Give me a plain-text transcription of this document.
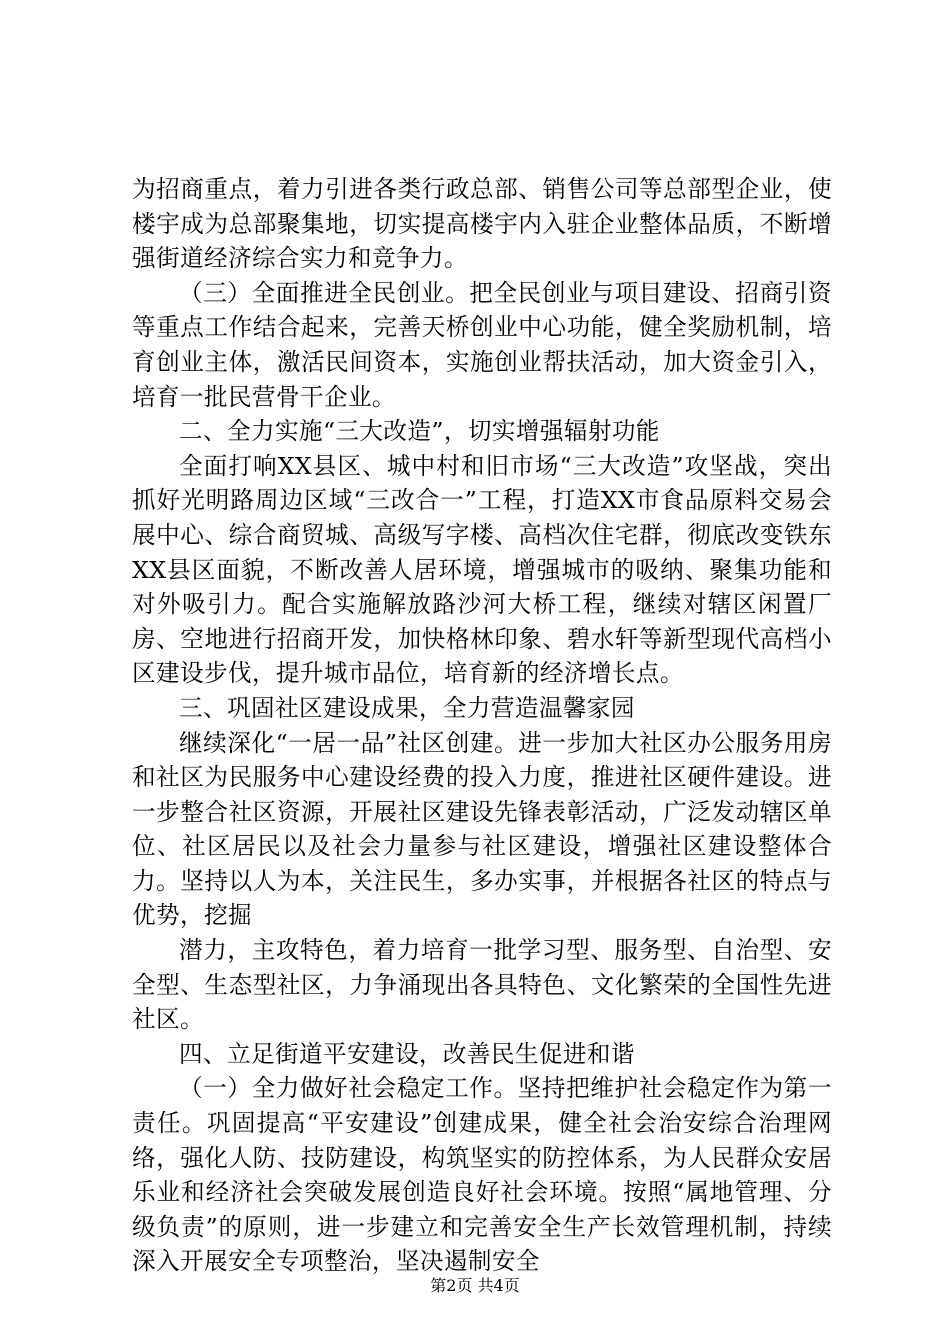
为招商重点，着力引进各类行政总部、销售公司等总部型企业，使楼宇成为总部聚集地，切实提高楼宇内入驻企业整体品质，不断增强街道经济综合实力和竞争力。

（三）全面推进全民创业。把全民创业与项目建设、招商引资等重点工作结合起来，完善天桥创业中心功能，健全奖励机制，培育创业主体，激活民间资本，实施创业帮扶活动，加大资金引入，培育一批民营骨干企业。

二、全力实施“三大改造”，切实增强辐射功能

全面打响XX县区、城中村和旧市场“三大改造”攻坚战，突出抓好光明路周边区域“三改合一”工程，打造XX市食品原料交易会展中心、综合商贸城、高级写字楼、高档次住宅群，彻底改变铁东XX县区面貌，不断改善人居环境，增强城市的吸纳、聚集功能和对外吸引力。配合实施解放路沙河大桥工程，继续对辖区闲置厂房、空地进行招商开发，加快格林印象、碧水轩等新型现代高档小区建设步伐，提升城市品位，培育新的经济增长点。

三、巩固社区建设成果，全力营造温馨家园

继续深化“一居一品”社区创建。进一步加大社区办公服务用房和社区为民服务中心建设经费的投入力度，推进社区硬件建设。进一步整合社区资源，开展社区建设先锋表彰活动，广泛发动辖区单位、社区居民以及社会力量参与社区建设，增强社区建设整体合力。坚持以人为本，关注民生，多办实事，并根据各社区的特点与优势，挖掘

潜力，主攻特色，着力培育一批学习型、服务型、自治型、安全型、生态型社区，力争涌现出各具特色、文化繁荣的全国性先进社区。

四、立足街道平安建设，改善民生促进和谐

（一）全力做好社会稳定工作。坚持把维护社会稳定作为第一责任。巩固提高“平安建设”创建成果，健全社会治安综合治理网络，强化人防、技防建设，构筑坚实的防控体系，为人民群众安居乐业和经济社会突破发展创造良好社会环境。按照“属地管理、分级负责”的原则，进一步建立和完善安全生产长效管理机制，持续深入开展安全专项整治，坚决遏制安全

第2页 共4页
